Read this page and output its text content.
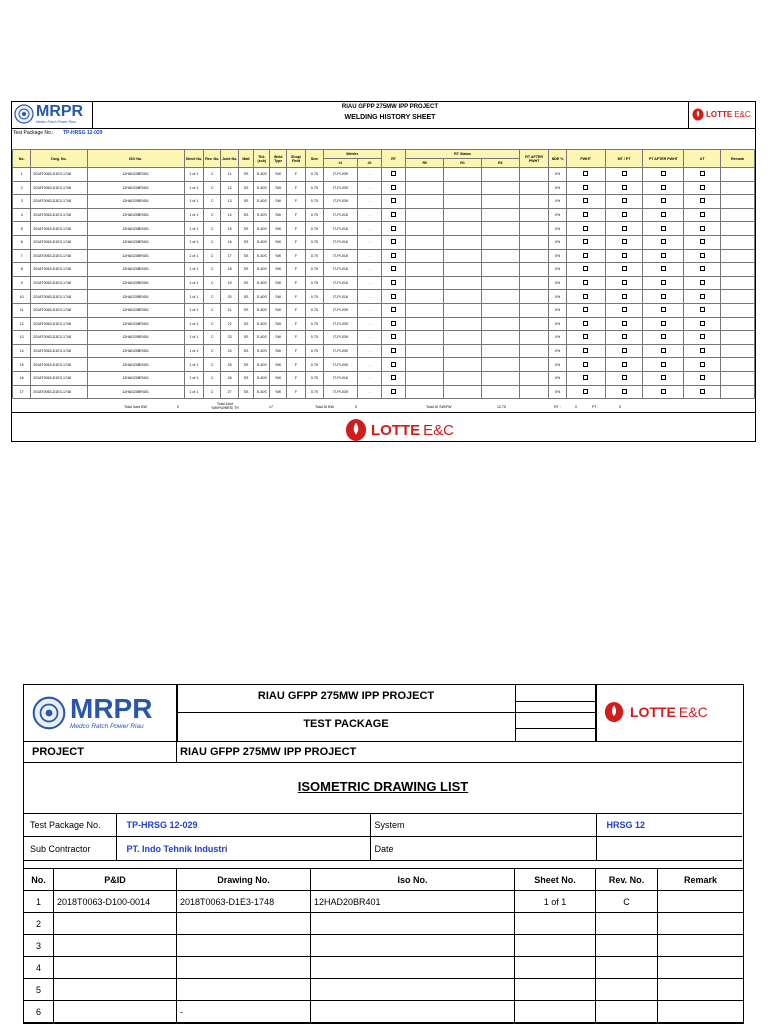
MRPR
Medco Ratch Power Riau
RIAU GFPP 275MW IPP PROJECT
WELDING HISTORY SHEET	LOTTE E&C
Test Package No.: TP-HRSG 12-029
No.	Dwg. No.	ISO No.	Sheet No.	Rev. No.	Joint No.	Matl	Thk. (sch)	Weld Type	Shop/ Field	Size	Welder		RT	RT Status			RT AFTER PWHT	NDE %	PWHT	MT / PT	PT AFTER PWHT	UT	Remark
											#1	#2		R0	R1	R2							
1	2018T0063-D1E3-1748	12HAD20BR401	1 of 1	C	11	SS	S-40S	SW	F	0.75	IT-PI-039	-						0%					
2	2018T0063-D1E3-1748	12HAD20BR401	1 of 1	C	12	SS	S-40S	SW	F	0.75	IT-PI-039	-						0%					
3	2018T0063-D1E3-1748	12HAD20BR401	1 of 1	C	13	SS	S-40S	SW	F	0.75	IT-PI-039	-						0%					
4	2018T0063-D1E3-1748	12HAD20BR401	1 of 1	C	14	SS	S-40S	SW	F	0.75	IT-PI-016	-						0%					
5	2018T0063-D1E3-1748	12HAD20BR401	1 of 1	C	15	SS	S-40S	SW	F	0.75	IT-PI-016	-						0%					
6	2018T0063-D1E3-1748	12HAD20BR401	1 of 1	C	16	SS	S-40S	SW	F	0.75	IT-PI-016	-						0%					
7	2018T0063-D1E3-1748	12HAD20BR401	1 of 1	C	17	SS	S-40S	SW	F	0.75	IT-PI-016	-						0%					
8	2018T0063-D1E3-1748	12HAD20BR401	1 of 1	C	18	SS	S-40S	SW	F	0.75	IT-PI-016	-						0%					
9	2018T0063-D1E3-1748	12HAD20BR401	1 of 1	C	19	SS	S-40S	SW	F	0.75	IT-PI-016	-						0%					
10	2018T0063-D1E3-1748	12HAD20BR401	1 of 1	C	20	SS	S-40S	SW	F	0.75	IT-PI-016	-						0%					
11	2018T0063-D1E3-1748	12HAD20BR401	1 of 1	C	21	SS	S-40S	SW	F	0.75	IT-PI-039	-						0%					
12	2018T0063-D1E3-1748	12HAD20BR401	1 of 1	C	22	SS	S-40S	SW	F	0.75	IT-PI-039	-						0%					
13	2018T0063-D1E3-1748	12HAD20BR401	1 of 1	C	23	SS	S-40S	SW	F	0.75	IT-PI-039	-						0%					
14	2018T0063-D1E3-1748	12HAD20BR401	1 of 1	C	24	SS	S-40S	SW	F	0.75	IT-PI-039	-						0%					
15	2018T0063-D1E3-1748	12HAD20BR401	1 of 1	C	25	SS	S-40S	SW	F	0.75	IT-PI-039	-						0%					
16	2018T0063-D1E3-1748	12HAD20BR401	1 of 1	C	26	SS	S-40S	SW	F	0.75	IT-PI-016	-						0%					
17	2018T0063-D1E3-1748	12HAD20BR401	1 of 1	C	27	SS	S-40S	SW	F	0.75	IT-PI-039	-						0%					
Total Joint BW	0
Total Joint SW/FW/BRS/ TH	17	Total DI BW	0	Total DI SW/FW	12.75	RT :	0	PT :	0
LOTTE E&C
MRPR
Medco Ratch Power Riau
RIAU GFPP 275MW IPP PROJECT
TEST PACKAGE
LOTTE E&C
PROJECT	RIAU GFPP 275MW IPP PROJECT
ISOMETRIC DRAWING LIST
Test Package No.	TP-HRSG 12-029	System	HRSG 12
Sub Contractor	PT. Indo Tehnik Industri	Date	
No.	P&ID	Drawing No.	Iso No.	Sheet No.	Rev. No.	Remark
1	2018T0063-D100-0014	2018T0063-D1E3-1748	12HAD20BR401	1 of 1	C	
2						
3						
4						
5						
6		-				
